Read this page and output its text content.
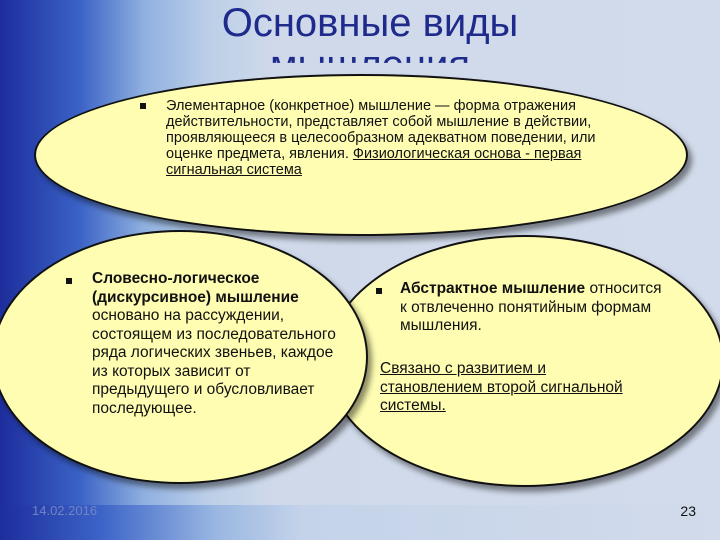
Основные виды
Элементарное (конкретное) мышление — форма отражения действительности, представляет собой мышление в действии, проявляющееся в целесообразном адекватном поведении, или оценке предмета, явления. Физиологическая основа - первая сигнальная система
Словесно-логическое (дискурсивное) мышление основано на рассуждении, состоящем из последовательного ряда логических звеньев, каждое из которых зависит от предыдущего и обусловливает последующее.
Абстрактное мышление относится к отвлеченно понятийным формам мышления.
Связано с развитием и становлением второй сигнальной системы.
14.02.2016	23
